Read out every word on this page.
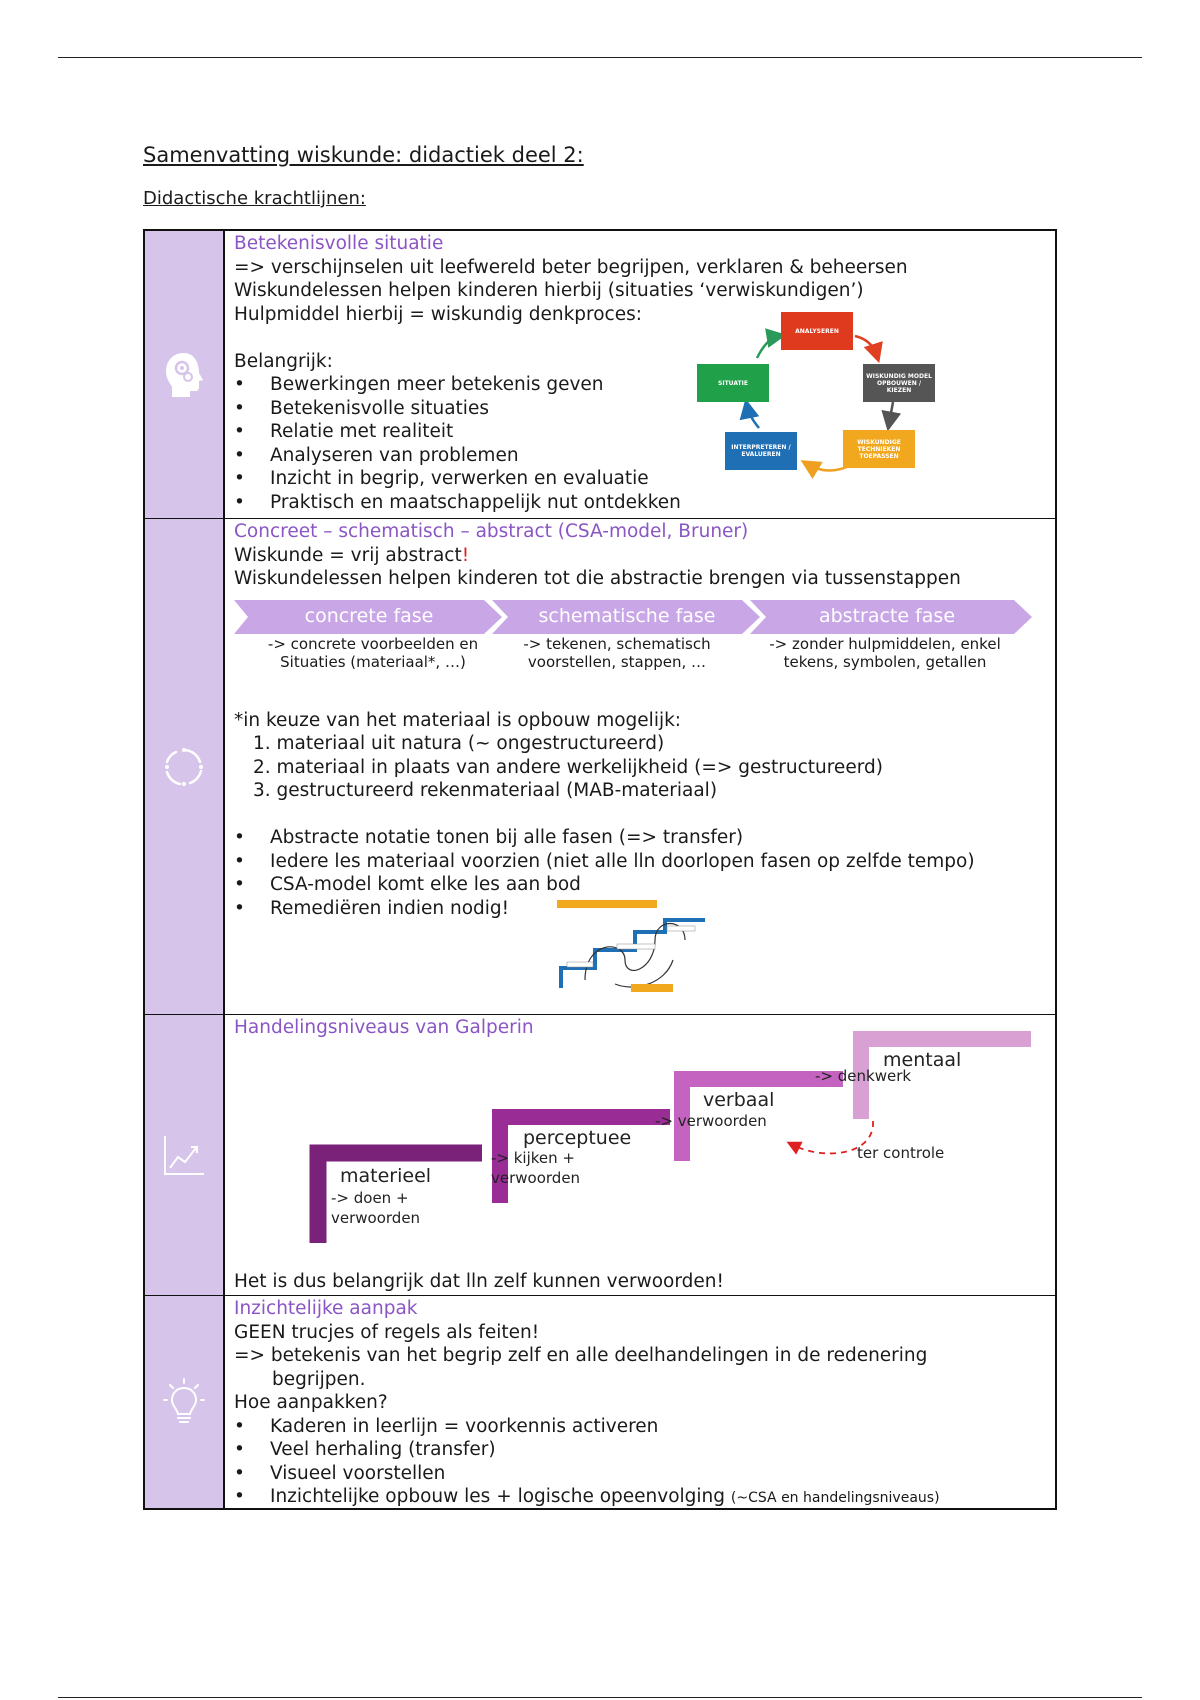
Samenvatting wiskunde: didactiek deel 2:
Didactische krachtlijnen:
Betekenisvolle situatie
=> verschijnselen uit leefwereld beter begrijpen, verklaren & beheersen
Wiskundelessen helpen kinderen hierbij (situaties ‘verwiskundigen’)
Hulpmiddel hierbij = wiskundig denkproces:
Belangrijk:
• Bewerkingen meer betekenis geven
• Betekenisvolle situaties
• Relatie met realiteit
• Analyseren van problemen
• Inzicht in begrip, verwerken en evaluatie
• Praktisch en maatschappelijk nut ontdekken
ANALYSEREN
WISKUNDIG MODEL OPBOUWEN / KIEZEN
WISKUNDIGE TECHNIEKEN TOEPASSEN
INTERPRETEREN / EVALUEREN
SITUATIE
Concreet – schematisch – abstract (CSA-model, Bruner)
Wiskunde = vrij abstract!
Wiskundelessen helpen kinderen tot die abstractie brengen via tussenstappen
concrete fase	schematische fase	abstracte fase
-> concrete voorbeelden en
Situaties (materiaal*, …)
-> tekenen, schematisch
voorstellen, stappen, …
-> zonder hulpmiddelen, enkel
tekens, symbolen, getallen
*in keuze van het materiaal is opbouw mogelijk:
1. materiaal uit natura (~ ongestructureerd)
2. materiaal in plaats van andere werkelijkheid (=> gestructureerd)
3. gestructureerd rekenmateriaal (MAB-materiaal)
• Abstracte notatie tonen bij alle fasen (=> transfer)
• Iedere les materiaal voorzien (niet alle lln doorlopen fasen op zelfde tempo)
• CSA-model komt elke les aan bod
• Remediëren indien nodig!
Handelingsniveaus van Galperin
materieel
-> doen +
verwoorden
perceptuee
-> kijken +
verwoorden
verbaal
-> verwoorden
mentaal
-> denkwerk
ter controle
Het is dus belangrijk dat lln zelf kunnen verwoorden!
Inzichtelijke aanpak
GEEN trucjes of regels als feiten!
=> betekenis van het begrip zelf en alle deelhandelingen in de redenering
begrijpen.
Hoe aanpakken?
• Kaderen in leerlijn = voorkennis activeren
• Veel herhaling (transfer)
• Visueel voorstellen
• Inzichtelijke opbouw les + logische opeenvolging (~CSA en handelingsniveaus)
